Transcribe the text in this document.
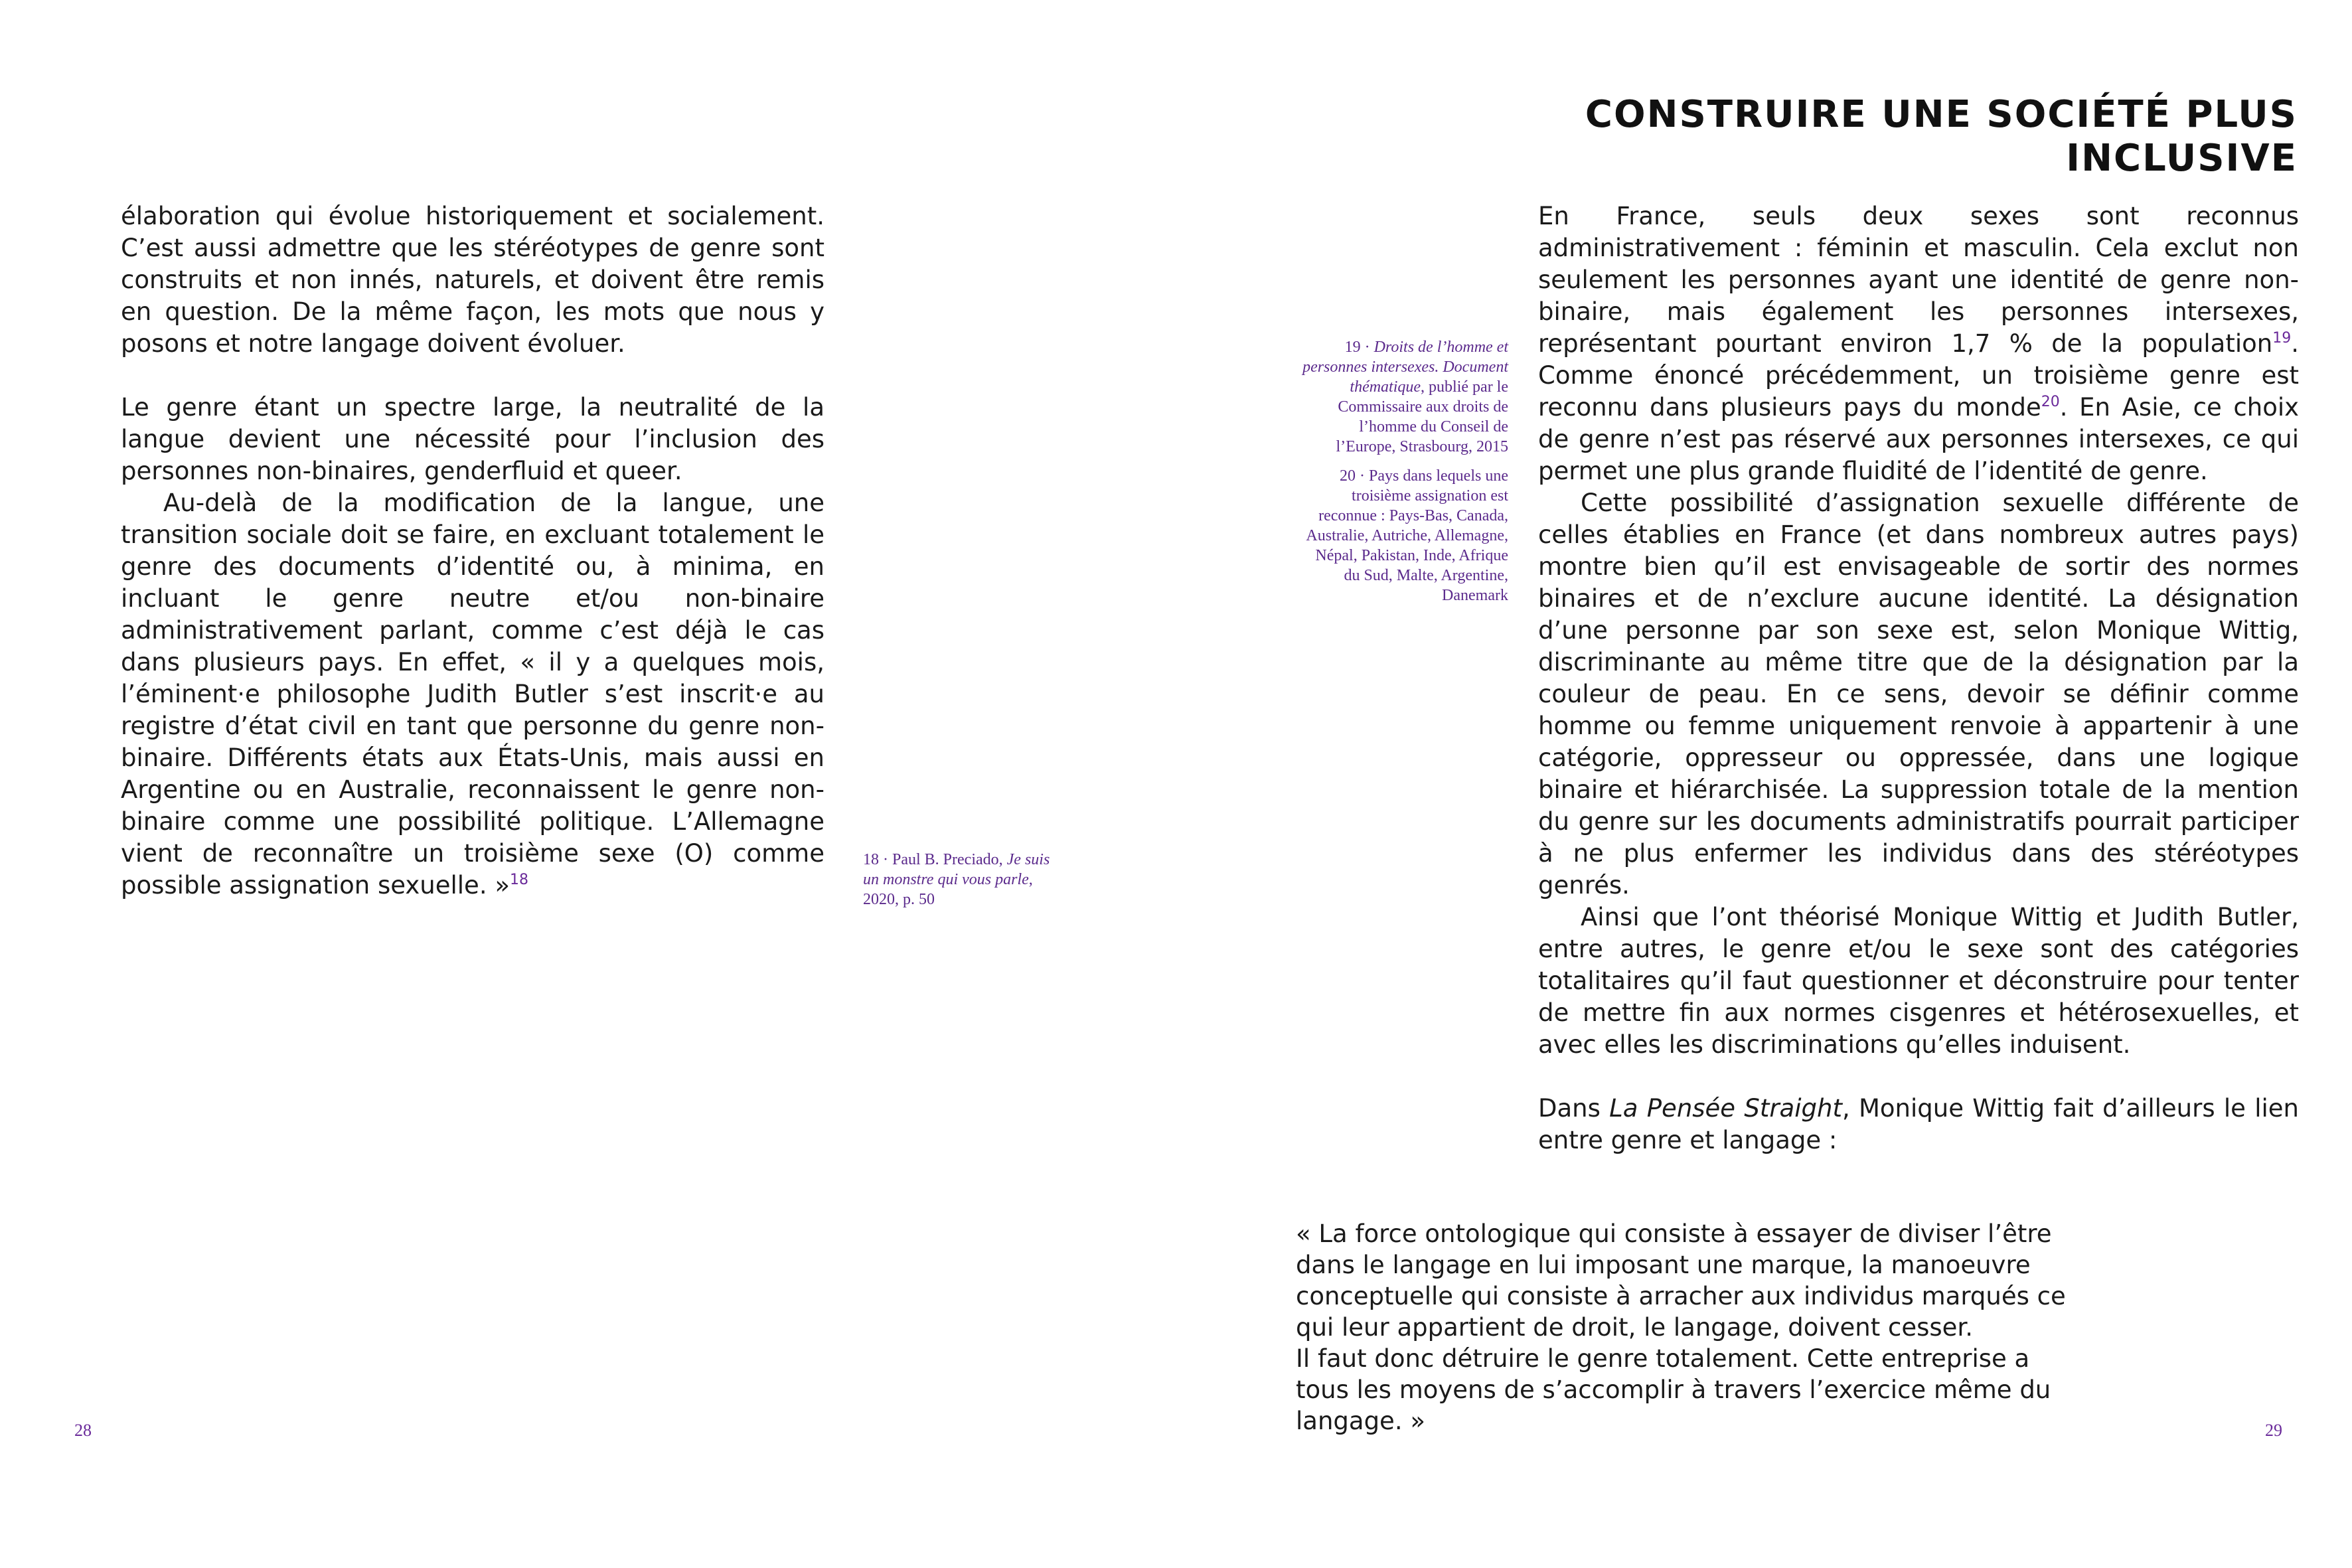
élaboration qui évolue historiquement et socialement. C’est aussi admettre que les stéréotypes de genre sont construits et non innés, naturels, et doivent être remis en question. De la même façon, les mots que nous y posons et notre langage doivent évoluer.

Le genre étant un spectre large, la neutralité de la langue devient une nécessité pour l’inclusion des personnes non-binaires, genderfluid et queer.

Au-delà de la modification de la langue, une transition sociale doit se faire, en excluant totalement le genre des documents d’identité ou, à minima, en incluant le genre neutre et/ou non-binaire administrativement parlant, comme c’est déjà le cas dans plusieurs pays. En effet, « il y a quelques mois, l’éminent·e philosophe Judith Butler s’est inscrit·e au registre d’état civil en tant que personne du genre non-binaire. Différents états aux États-Unis, mais aussi en Argentine ou en Australie, reconnaissent le genre non-binaire comme une possibilité politique. L’Allemagne vient de reconnaître un troisième sexe (O) comme possible assignation sexuelle. »$^{18}$

18 · Paul B. Preciado, Je suis un monstre qui vous parle, 2020, p. 50

28
CONSTRUIRE UNE SOCIÉTÉ PLUS
INCLUSIVE

19 · Droits de l’homme et personnes intersexes. Document thématique, publié par le Commissaire aux droits de l’homme du Conseil de l’Europe, Strasbourg, 2015

20 · Pays dans lequels une troisième assignation est reconnue : Pays-Bas, Canada, Australie, Autriche, Allemagne, Népal, Pakistan, Inde, Afrique du Sud, Malte, Argentine, Danemark

En France, seuls deux sexes sont reconnus administrativement : féminin et masculin. Cela exclut non seulement les personnes ayant une identité de genre non-binaire, mais également les personnes intersexes, représentant pourtant environ 1,7 % de la population$^{19}$. Comme énoncé précédemment, un troisième genre est reconnu dans plusieurs pays du monde$^{20}$. En Asie, ce choix de genre n’est pas réservé aux personnes intersexes, ce qui permet une plus grande fluidité de l’identité de genre.

Cette possibilité d’assignation sexuelle différente de celles établies en France (et dans nombreux autres pays) montre bien qu’il est envisageable de sortir des normes binaires et de n’exclure aucune identité. La désignation d’une personne par son sexe est, selon Monique Wittig, discriminante au même titre que de la désignation par la couleur de peau. En ce sens, devoir se définir comme homme ou femme uniquement renvoie à appartenir à une catégorie, oppresseur ou oppressée, dans une logique binaire et hiérarchisée. La suppression totale de la mention du genre sur les documents administratifs pourrait participer à ne plus enfermer les individus dans des stéréotypes genrés.

Ainsi que l’ont théorisé Monique Wittig et Judith Butler, entre autres, le genre et/ou le sexe sont des catégories totalitaires qu’il faut questionner et déconstruire pour tenter de mettre fin aux normes cisgenres et hétérosexuelles, et avec elles les discriminations qu’elles induisent.

Dans La Pensée Straight, Monique Wittig fait d’ailleurs le lien entre genre et langage :

« La force ontologique qui consiste à essayer de diviser l’être dans le langage en lui imposant une marque, la manoeuvre conceptuelle qui consiste à arracher aux individus marqués ce qui leur appartient de droit, le langage, doivent cesser.
Il faut donc détruire le genre totalement. Cette entreprise a tous les moyens de s’accomplir à travers l’exercice même du langage. »	29
